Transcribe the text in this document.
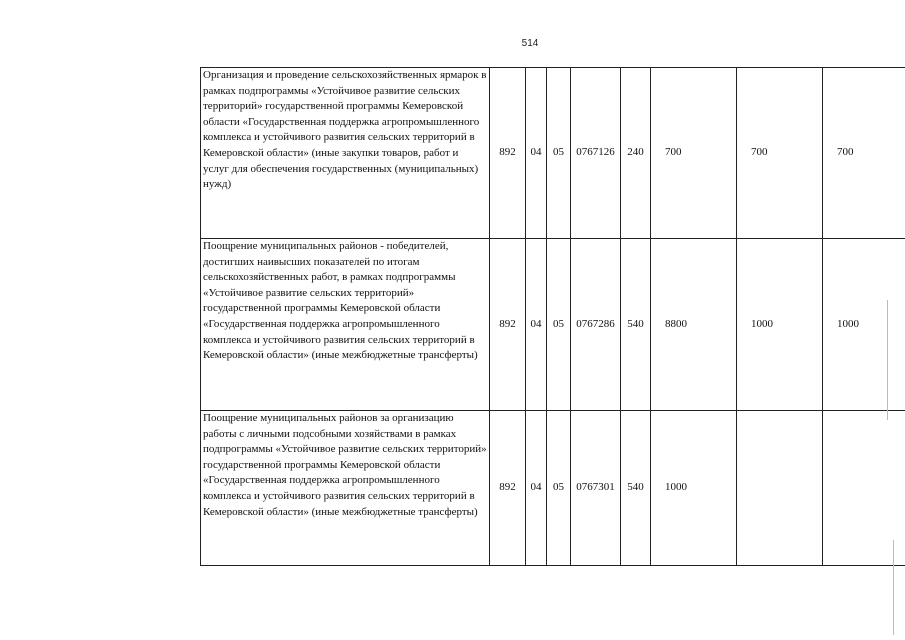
514
Организация и проведение сельскохозяйственных ярмарок в рамках подпрограммы «Устойчивое развитие сельских территорий» государственной программы Кемеровской области «Государственная поддержка агропромышленного комплекса и устойчивого развития сельских территорий в Кемеровской области» (иные закупки товаров, работ и услуг для обеспечения государственных (муниципальных) нужд)	892	04	05	0767126	240	700	700	700
Поощрение муниципальных районов - победителей, достигших наивысших показателей по итогам сельскохозяйственных работ, в рамках подпрограммы «Устойчивое развитие сельских территорий» государственной программы Кемеровской области «Государственная поддержка агропромышленного комплекса и устойчивого развития сельских территорий в Кемеровской области» (иные межбюджетные трансферты)	892	04	05	0767286	540	8800	1000	1000
Поощрение муниципальных районов за организацию работы с личными подсобными хозяйствами в рамках подпрограммы «Устойчивое развитие сельских территорий» государственной программы Кемеровской области «Государственная поддержка агропромышленного комплекса и устойчивого развития сельских территорий в Кемеровской области» (иные межбюджетные трансферты)	892	04	05	0767301	540	1000		
